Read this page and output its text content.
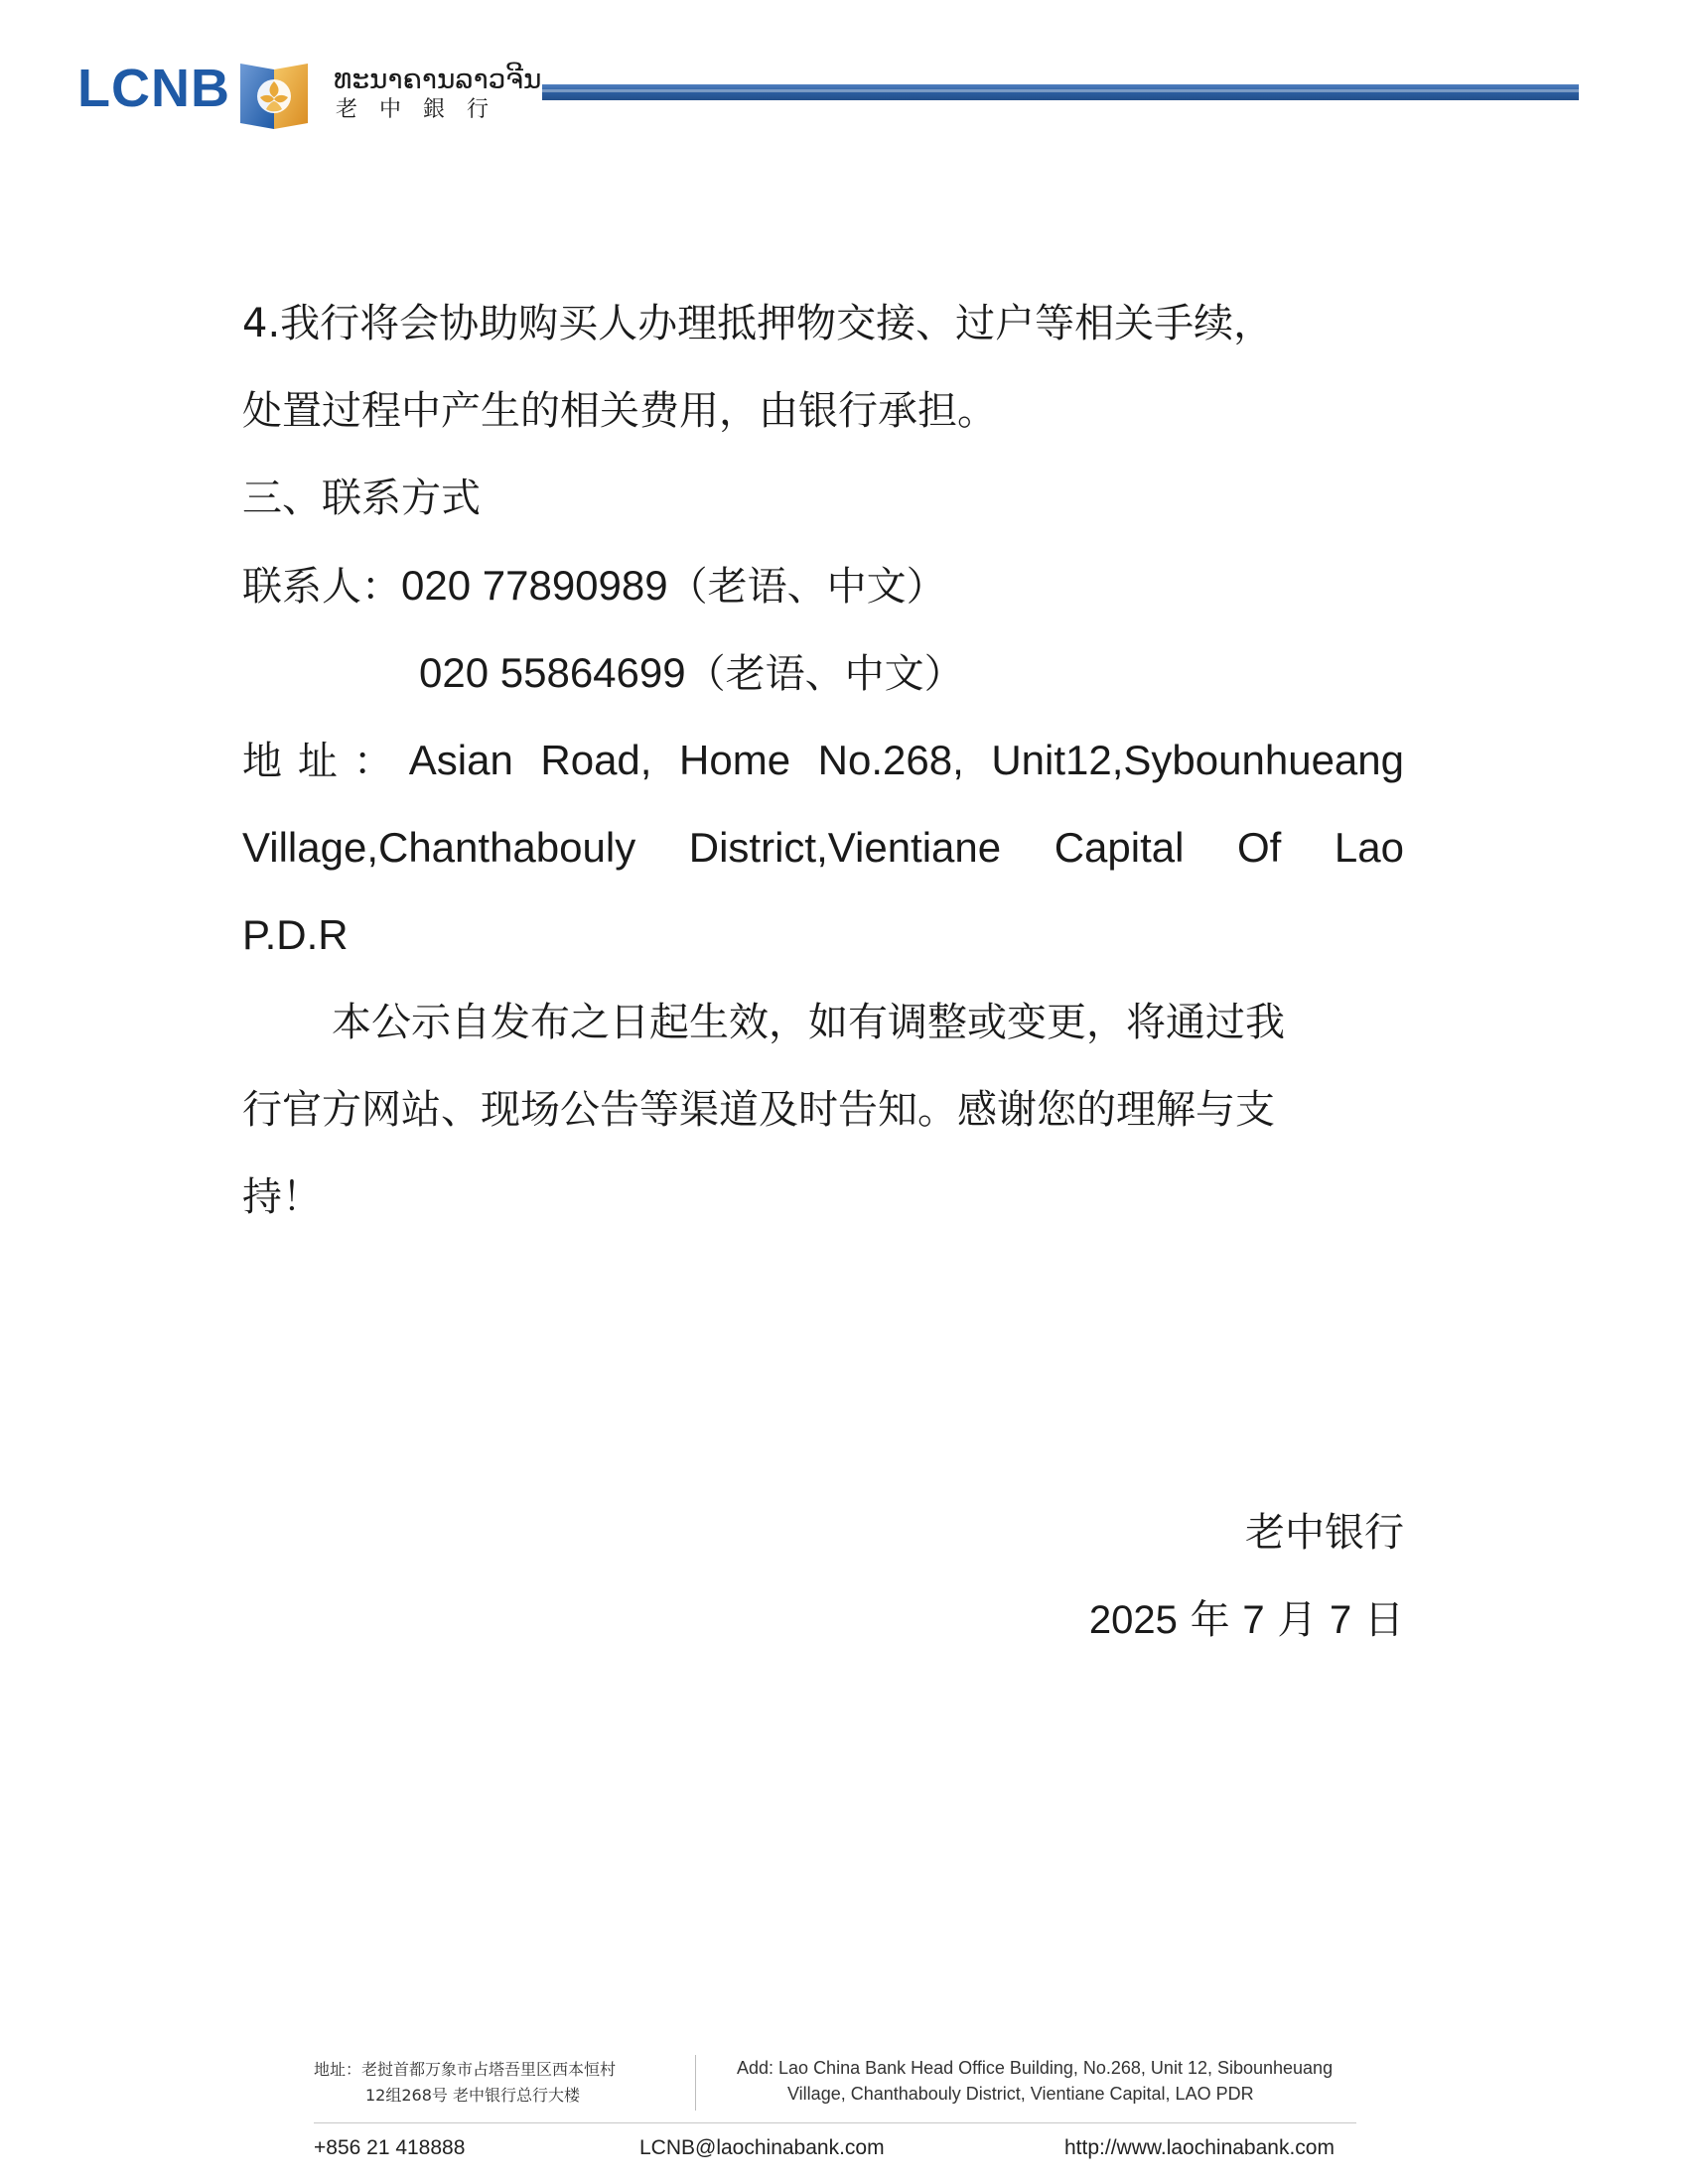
LCNB	ທະນາຄານລາວຈີນ
老中銀行
4.我行将会协助购买人办理抵押物交接、过户等相关手续，
处置过程中产生的相关费用，由银行承担。
三、联系方式
联系人：020 77890989（老语、中文）
020 55864699（老语、中文）
地址：Asian Road, Home No.268, Unit12,Sybounhueang
Village,Chanthabouly District,Vientiane Capital Of Lao
P.D.R
本公示自发布之日起生效，如有调整或变更，将通过我
行官方网站、现场公告等渠道及时告知。感谢您的理解与支
持！
老中银行
2025 年 7 月 7 日
地址：老挝首都万象市占塔吾里区西本恒村
12组268号 老中银行总行大楼
Add: Lao China Bank Head Office Building, No.268, Unit 12, Sibounheuang
Village, Chanthabouly District, Vientiane Capital, LAO PDR
+856 21 418888	LCNB@laochinabank.com	http://www.laochinabank.com
